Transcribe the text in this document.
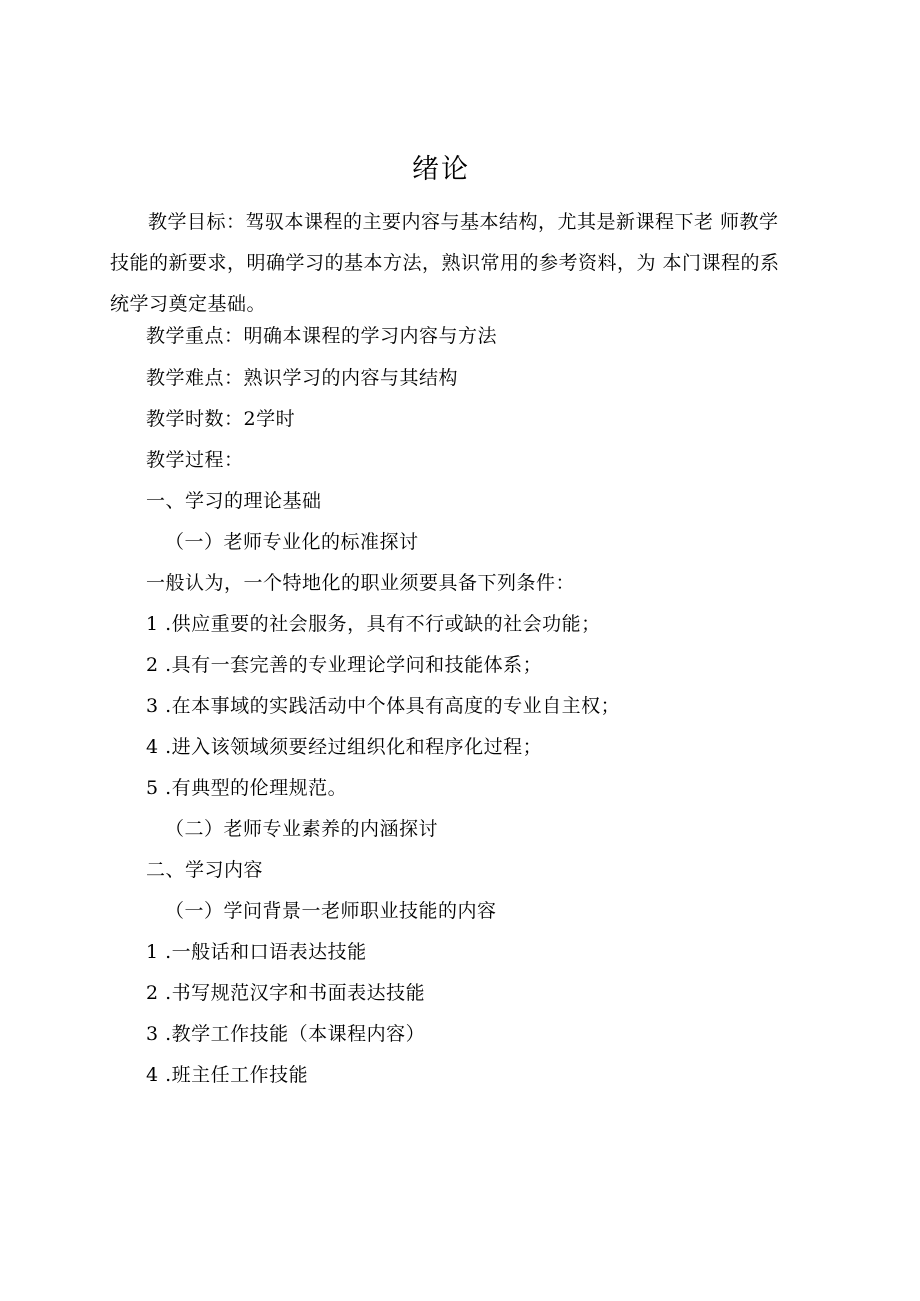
绪论
教学目标：驾驭本课程的主要内容与基本结构，尤其是新课程下老 师教学技能的新要求，明确学习的基本方法，熟识常用的参考资料，为 本门课程的系统学习奠定基础。
教学重点：明确本课程的学习内容与方法
教学难点：熟识学习的内容与其结构
教学时数：2学时
教学过程：
一、学习的理论基础
（一）老师专业化的标准探讨
一般认为，一个特地化的职业须要具备下列条件：
1 .供应重要的社会服务，具有不行或缺的社会功能；
2 .具有一套完善的专业理论学问和技能体系；
3 .在本事域的实践活动中个体具有高度的专业自主权；
4 .进入该领域须要经过组织化和程序化过程；
5 .有典型的伦理规范。
（二）老师专业素养的内涵探讨
二、学习内容
（一）学问背景一老师职业技能的内容
1 .一般话和口语表达技能
2 .书写规范汉字和书面表达技能
3 .教学工作技能（本课程内容）
4 .班主任工作技能
